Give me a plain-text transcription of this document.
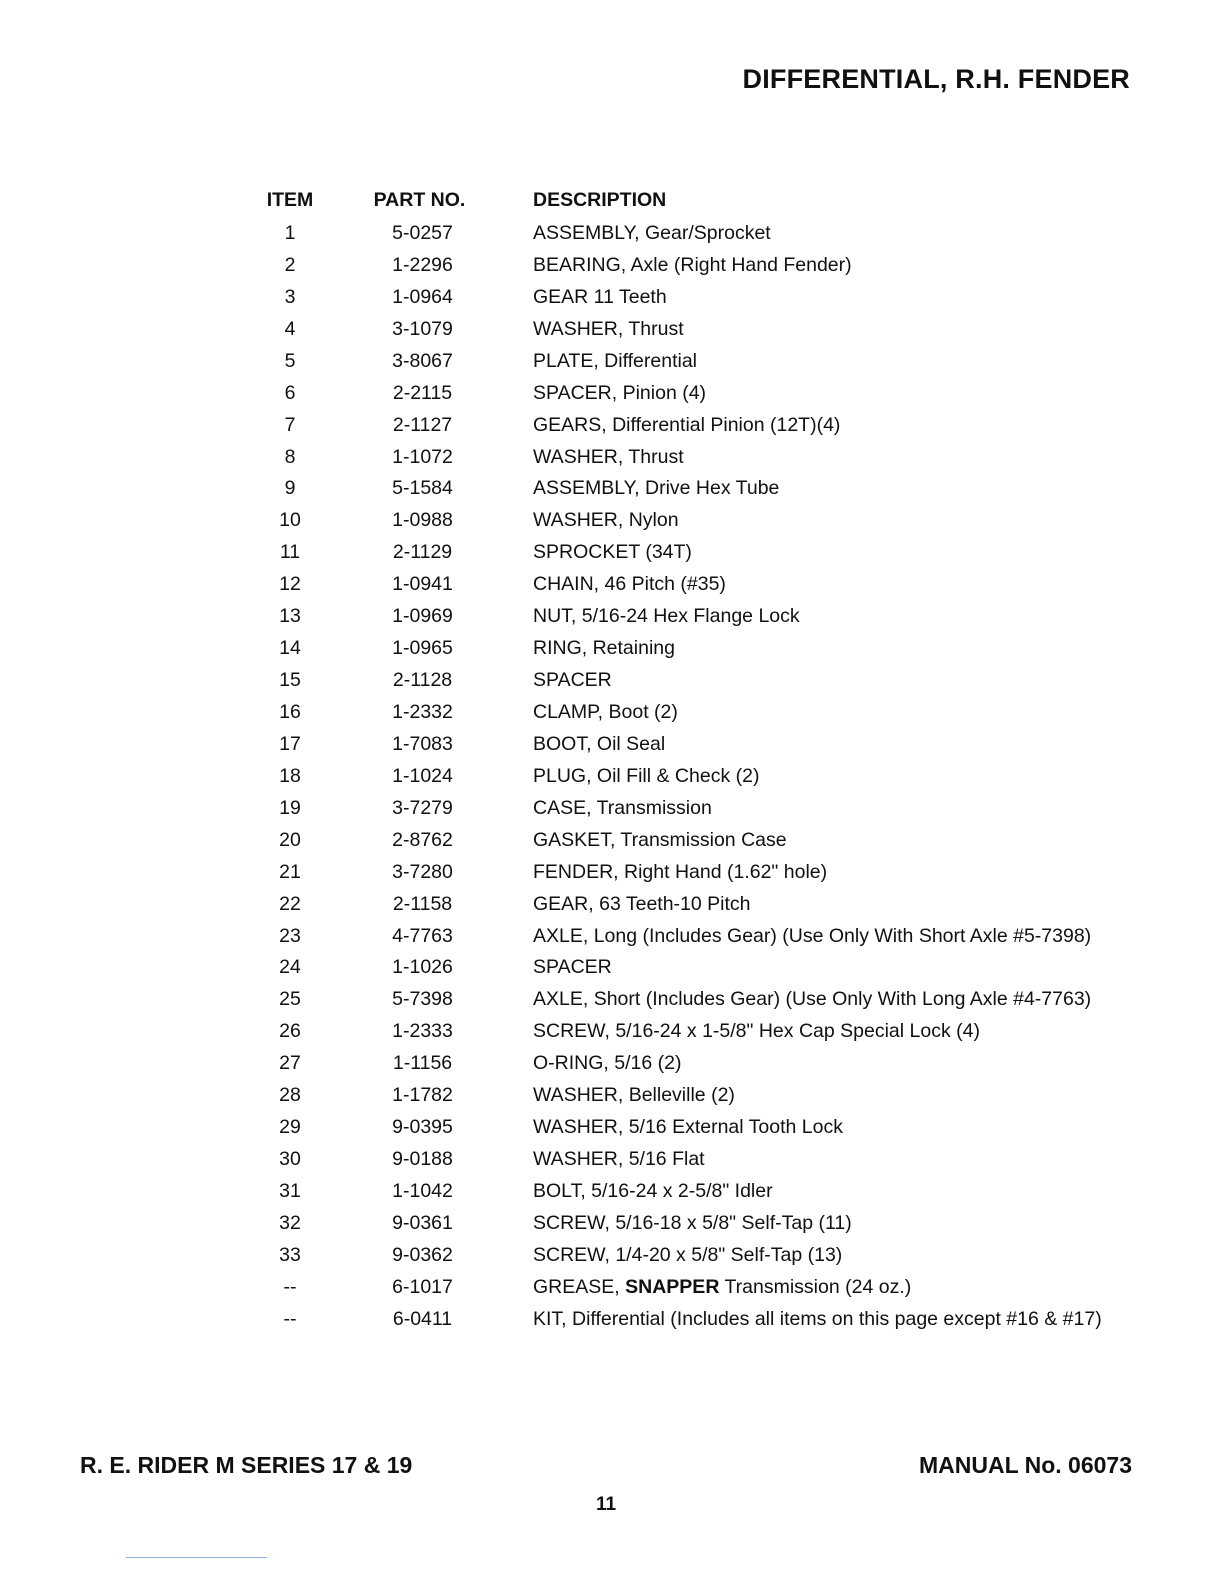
DIFFERENTIAL, R.H. FENDER
ITEM	PART NO.	DESCRIPTION
1	5-0257	ASSEMBLY, Gear/Sprocket
2	1-2296	BEARING, Axle (Right Hand Fender)
3	1-0964	GEAR 11 Teeth
4	3-1079	WASHER, Thrust
5	3-8067	PLATE, Differential
6	2-2115	SPACER, Pinion (4)
7	2-1127	GEARS, Differential Pinion (12T)(4)
8	1-1072	WASHER, Thrust
9	5-1584	ASSEMBLY, Drive Hex Tube
10	1-0988	WASHER, Nylon
11	2-1129	SPROCKET (34T)
12	1-0941	CHAIN, 46 Pitch (#35)
13	1-0969	NUT, 5/16-24 Hex Flange Lock
14	1-0965	RING, Retaining
15	2-1128	SPACER
16	1-2332	CLAMP, Boot (2)
17	1-7083	BOOT, Oil Seal
18	1-1024	PLUG, Oil Fill & Check (2)
19	3-7279	CASE, Transmission
20	2-8762	GASKET, Transmission Case
21	3-7280	FENDER, Right Hand (1.62" hole)
22	2-1158	GEAR, 63 Teeth-10 Pitch
23	4-7763	AXLE, Long (Includes Gear) (Use Only With Short Axle #5-7398)
24	1-1026	SPACER
25	5-7398	AXLE, Short (Includes Gear) (Use Only With Long Axle #4-7763)
26	1-2333	SCREW, 5/16-24 x 1-5/8" Hex Cap Special Lock (4)
27	1-1156	O-RING, 5/16 (2)
28	1-1782	WASHER, Belleville (2)
29	9-0395	WASHER, 5/16 External Tooth Lock
30	9-0188	WASHER, 5/16 Flat
31	1-1042	BOLT, 5/16-24 x 2-5/8" Idler
32	9-0361	SCREW, 5/16-18 x 5/8" Self-Tap (11)
33	9-0362	SCREW, 1/4-20 x 5/8" Self-Tap (13)
--	6-1017	GREASE, SNAPPER Transmission (24 oz.)
--	6-0411	KIT, Differential (Includes all items on this page except #16 & #17)
R. E. RIDER M SERIES 17 & 19	MANUAL No. 06073
11
